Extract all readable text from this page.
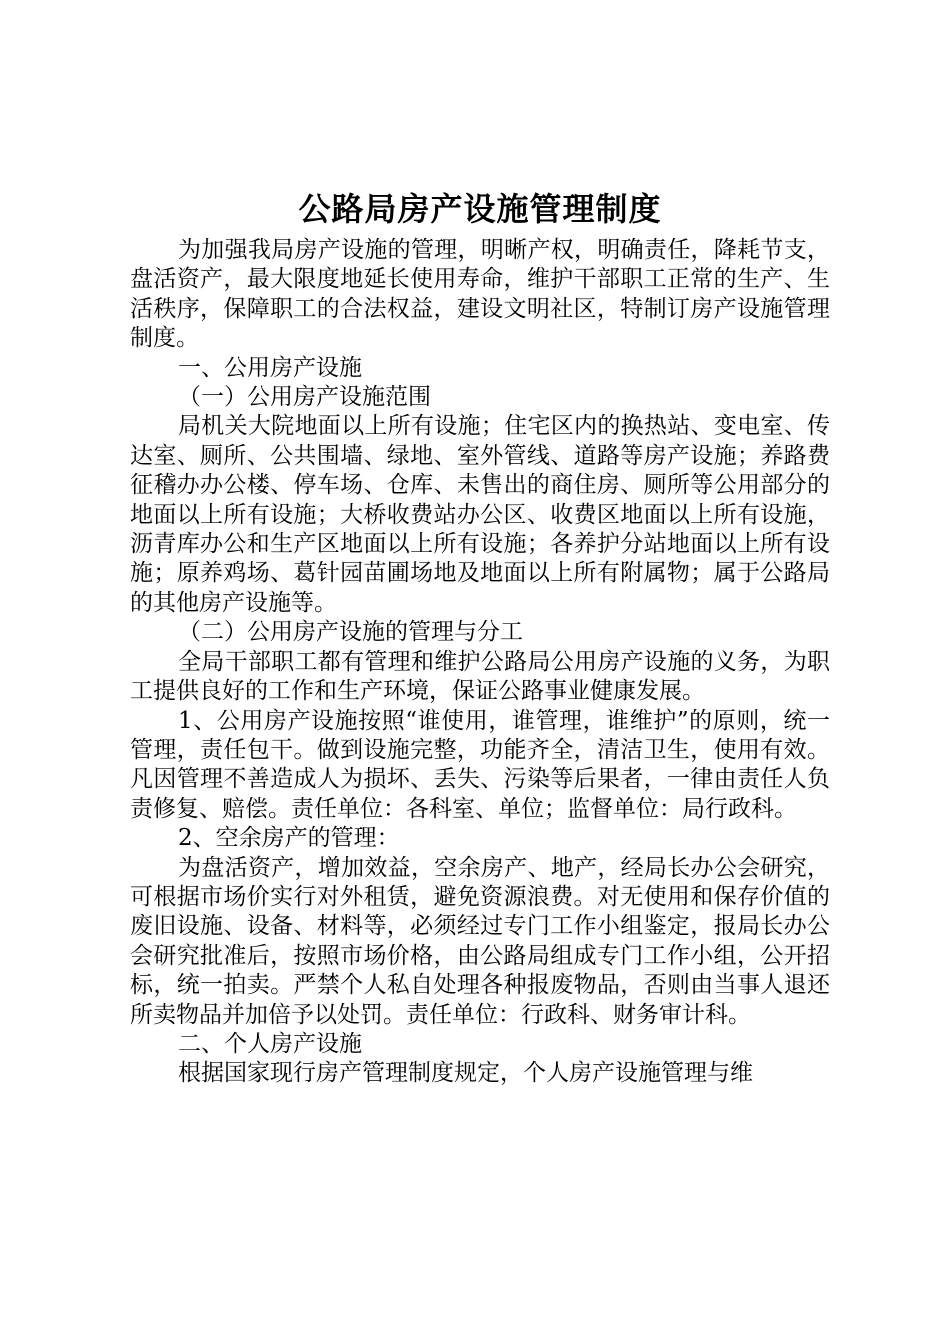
公路局房产设施管理制度

为加强我局房产设施的管理，明晰产权，明确责任，降耗节支，盘活资产，最大限度地延长使用寿命，维护干部职工正常的生产、生活秩序，保障职工的合法权益，建设文明社区，特制订房产设施管理制度。

一、公用房产设施

（一）公用房产设施范围

局机关大院地面以上所有设施；住宅区内的换热站、变电室、传达室、厕所、公共围墙、绿地、室外管线、道路等房产设施；养路费征稽办办公楼、停车场、仓库、未售出的商住房、厕所等公用部分的地面以上所有设施；大桥收费站办公区、收费区地面以上所有设施，沥青库办公和生产区地面以上所有设施；各养护分站地面以上所有设施；原养鸡场、葛针园苗圃场地及地面以上所有附属物；属于公路局的其他房产设施等。

（二）公用房产设施的管理与分工

全局干部职工都有管理和维护公路局公用房产设施的义务，为职工提供良好的工作和生产环境，保证公路事业健康发展。

1、公用房产设施按照“谁使用，谁管理，谁维护”的原则，统一管理，责任包干。做到设施完整，功能齐全，清洁卫生，使用有效。凡因管理不善造成人为损坏、丢失、污染等后果者，一律由责任人负责修复、赔偿。责任单位：各科室、单位；监督单位：局行政科。

2、空余房产的管理：

为盘活资产，增加效益，空余房产、地产，经局长办公会研究，可根据市场价实行对外租赁，避免资源浪费。对无使用和保存价值的废旧设施、设备、材料等，必须经过专门工作小组鉴定，报局长办公会研究批准后，按照市场价格，由公路局组成专门工作小组，公开招标，统一拍卖。严禁个人私自处理各种报废物品，否则由当事人退还所卖物品并加倍予以处罚。责任单位：行政科、财务审计科。

二、个人房产设施

根据国家现行房产管理制度规定，个人房产设施管理与维
